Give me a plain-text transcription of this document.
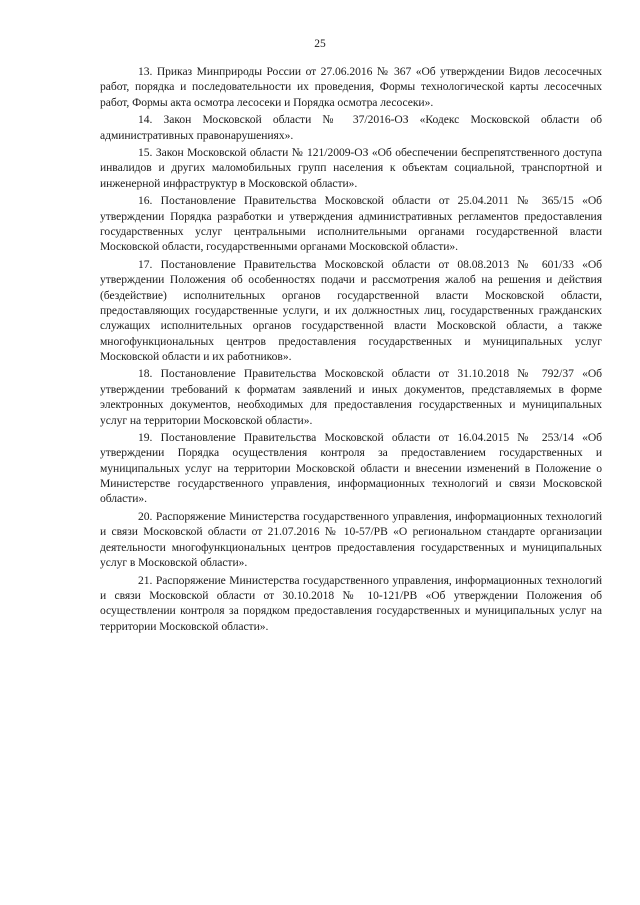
25

13. Приказ Минприроды России от 27.06.2016 № 367 «Об утверждении Видов лесосечных работ, порядка и последовательности их проведения, Формы технологической карты лесосечных работ, Формы акта осмотра лесосеки и Порядка осмотра лесосеки».

14. Закон Московской области № 37/2016-ОЗ «Кодекс Московской области об административных правонарушениях».

15. Закон Московской области № 121/2009-ОЗ «Об обеспечении беспрепятственного доступа инвалидов и других маломобильных групп населения к объектам социальной, транспортной и инженерной инфраструктур в Московской области».

16. Постановление Правительства Московской области от 25.04.2011 № 365/15 «Об утверждении Порядка разработки и утверждения административных регламентов предоставления государственных услуг центральными исполнительными органами государственной власти Московской области, государственными органами Московской области».

17. Постановление Правительства Московской области от 08.08.2013 № 601/33 «Об утверждении Положения об особенностях подачи и рассмотрения жалоб на решения и действия (бездействие) исполнительных органов государственной власти Московской области, предоставляющих государственные услуги, и их должностных лиц, государственных гражданских служащих исполнительных органов государственной власти Московской области, а также многофункциональных центров предоставления государственных и муниципальных услуг Московской области и их работников».

18. Постановление Правительства Московской области от 31.10.2018 № 792/37 «Об утверждении требований к форматам заявлений и иных документов, представляемых в форме электронных документов, необходимых для предоставления государственных и муниципальных услуг на территории Московской области».

19. Постановление Правительства Московской области от 16.04.2015 № 253/14 «Об утверждении Порядка осуществления контроля за предоставлением государственных и муниципальных услуг на территории Московской области и внесении изменений в Положение о Министерстве государственного управления, информационных технологий и связи Московской области».

20. Распоряжение Министерства государственного управления, информационных технологий и связи Московской области от 21.07.2016 № 10-57/РВ «О региональном стандарте организации деятельности многофункциональных центров предоставления государственных и муниципальных услуг в Московской области».

21. Распоряжение Министерства государственного управления, информационных технологий и связи Московской области от 30.10.2018 № 10-121/РВ «Об утверждении Положения об осуществлении контроля за порядком предоставления государственных и муниципальных услуг на территории Московской области».
